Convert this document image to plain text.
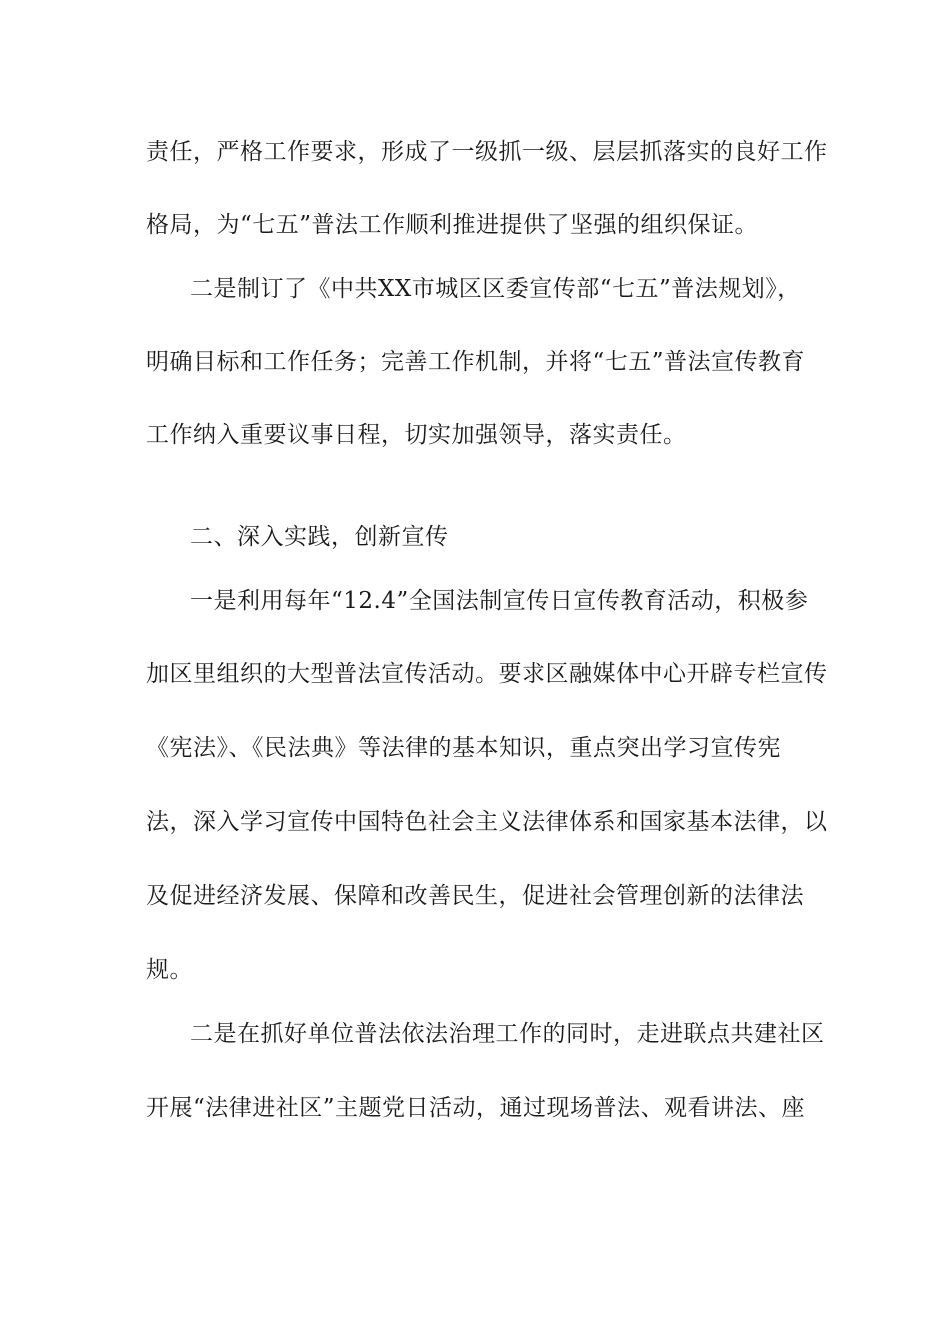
责任，严格工作要求，形成了一级抓一级、层层抓落实的良好工作
格局，为“七五”普法工作顺利推进提供了坚强的组织保证。
二是制订了《中共XX市城区区委宣传部“七五”普法规划》，
明确目标和工作任务；完善工作机制，并将“七五”普法宣传教育
工作纳入重要议事日程，切实加强领导，落实责任。
二、深入实践，创新宣传
一是利用每年“12.4”全国法制宣传日宣传教育活动，积极参
加区里组织的大型普法宣传活动。要求区融媒体中心开辟专栏宣传
《宪法》、《民法典》等法律的基本知识，重点突出学习宣传宪
法，深入学习宣传中国特色社会主义法律体系和国家基本法律，以
及促进经济发展、保障和改善民生，促进社会管理创新的法律法
规。
二是在抓好单位普法依法治理工作的同时，走进联点共建社区
开展“法律进社区”主题党日活动，通过现场普法、观看讲法、座
